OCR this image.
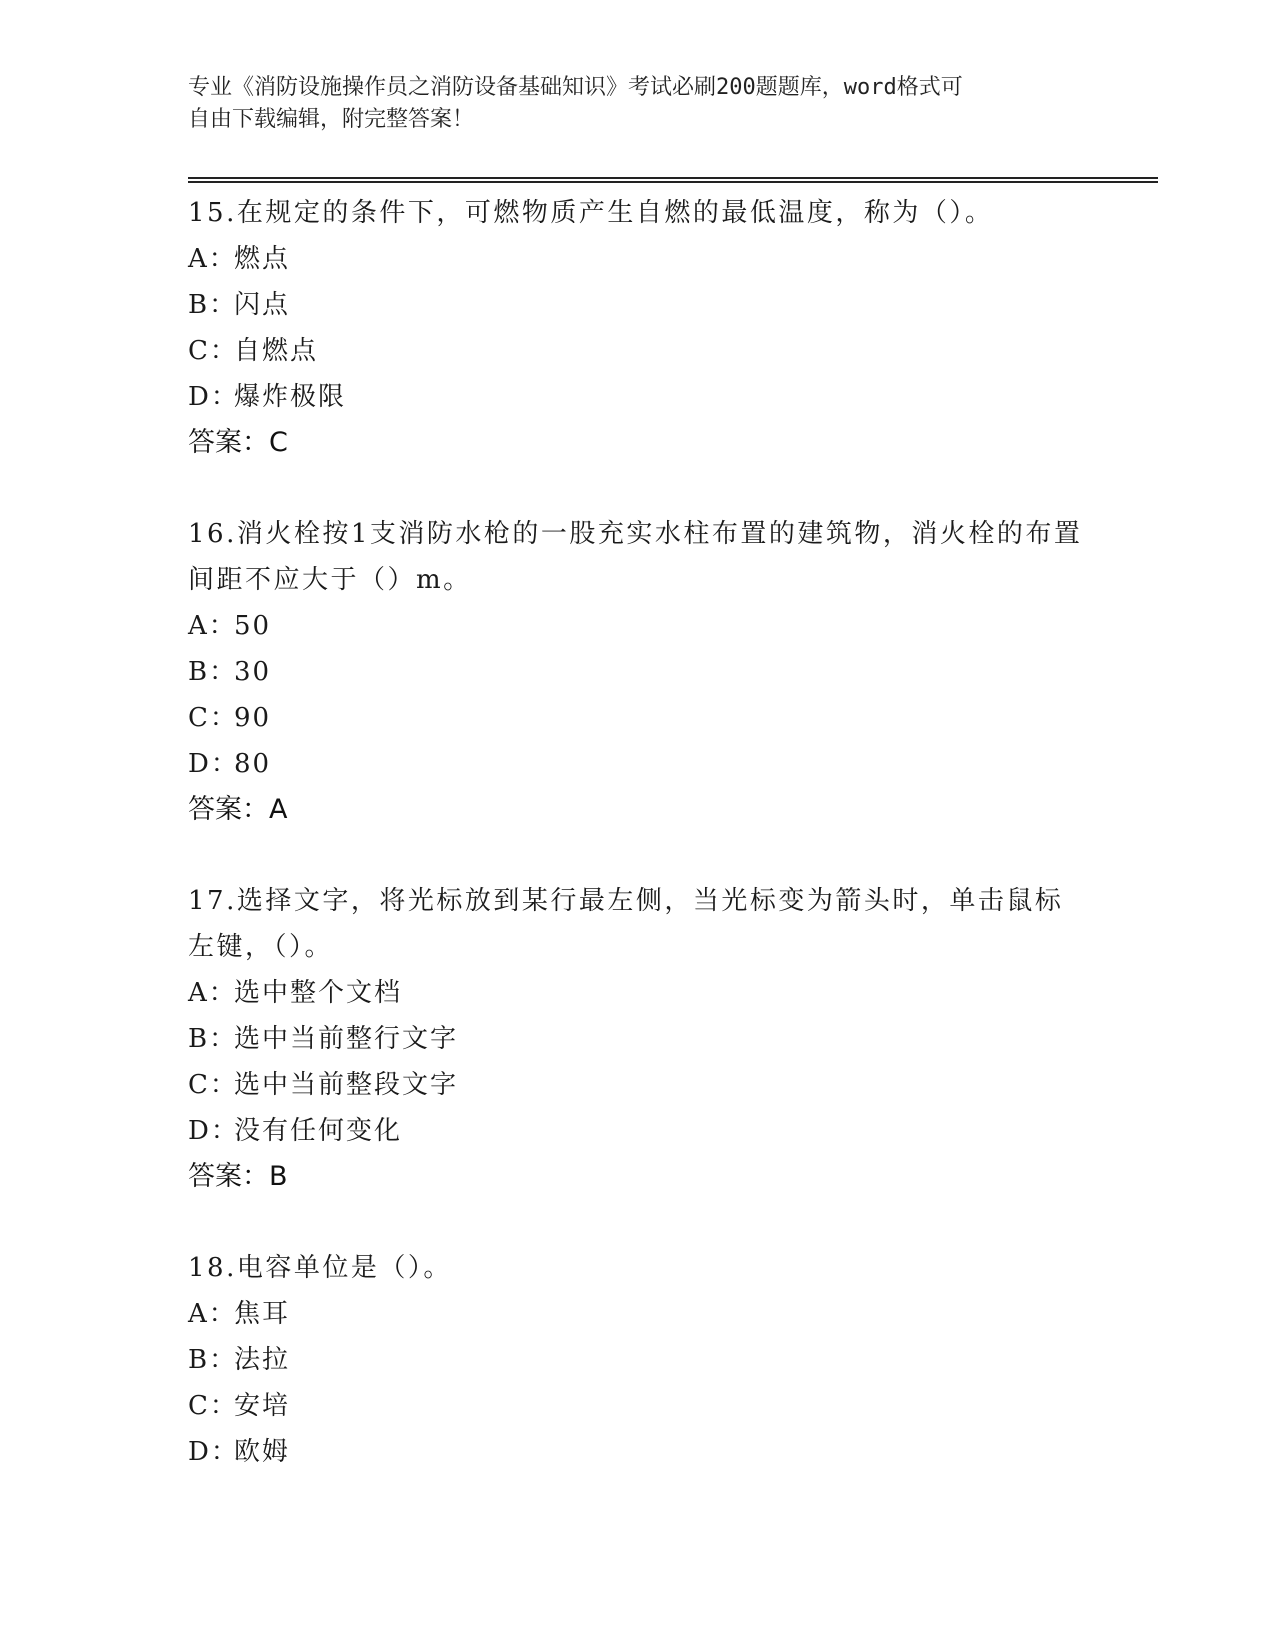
专业《消防设施操作员之消防设备基础知识》考试必刷200题题库，word格式可
自由下载编辑，附完整答案！

15.在规定的条件下，可燃物质产生自燃的最低温度，称为（）。

A：燃点

B：闪点

C：自燃点

D：爆炸极限

答案：C

16.消火栓按1支消防水枪的一股充实水柱布置的建筑物，消火栓的布置间距不应大于（）m。

A：50

B：30

C：90

D：80

答案：A

17.选择文字，将光标放到某行最左侧，当光标变为箭头时，单击鼠标左键，（）。

A：选中整个文档

B：选中当前整行文字

C：选中当前整段文字

D：没有任何变化

答案：B

18.电容单位是（）。

A：焦耳

B：法拉

C：安培

D：欧姆
